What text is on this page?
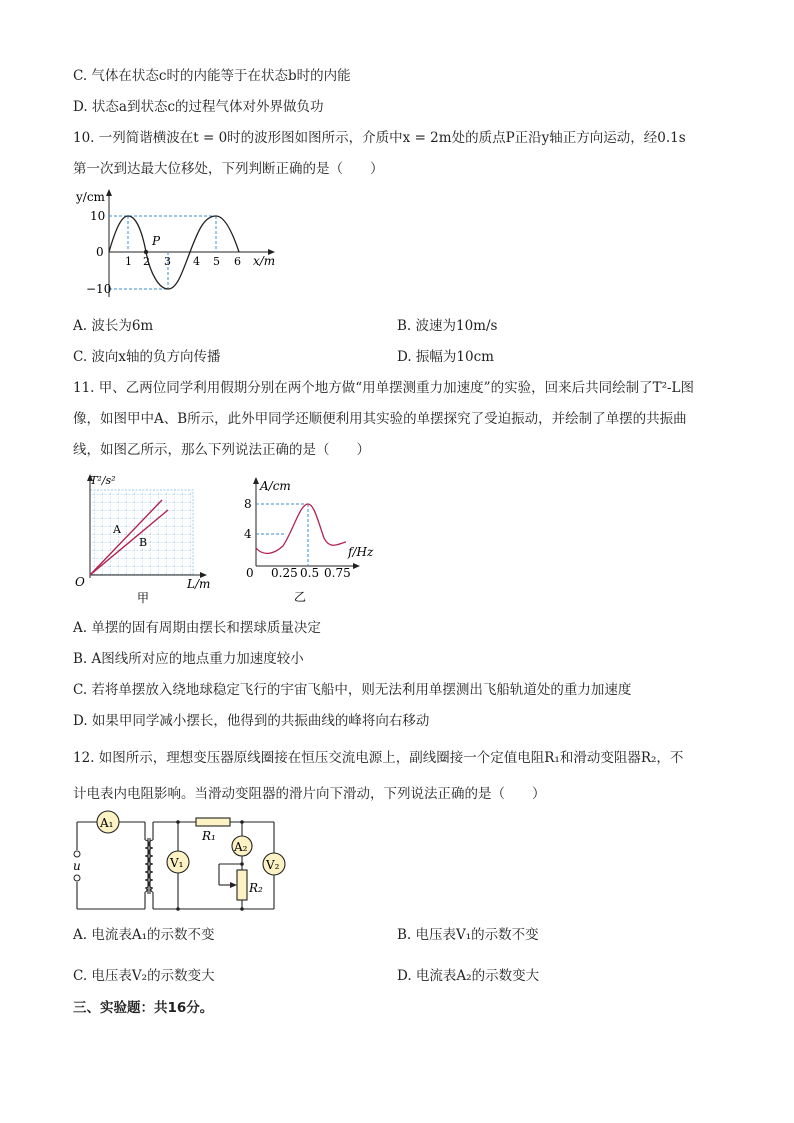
C. 气体在状态c时的内能等于在状态b时的内能
D. 状态a到状态c的过程气体对外界做负功
10. 一列简谐横波在t = 0时的波形图如图所示，介质中x = 2m处的质点P正沿y轴正方向运动，经0.1s
第一次到达最大位移处，下列判断正确的是（　　）
y/cm
10
0
−10
1 2 3 4 5 6 x/m
P
A. 波长为6m	B. 波速为10m/s
C. 波向x轴的负方向传播	D. 振幅为10cm
11. 甲、乙两位同学利用假期分别在两个地方做“用单摆测重力加速度”的实验，回来后共同绘制了T²-L图
像，如图甲中A、B所示，此外甲同学还顺便利用其实验的单摆探究了受迫振动，并绘制了单摆的共振曲
线，如图乙所示，那么下列说法正确的是（　　）
T²/s²
O	L/m
A
B
甲
A/cm
8
4
0 0.25 0.5 0.75
f/Hz
乙
A. 单摆的固有周期由摆长和摆球质量决定
B. A图线所对应的地点重力加速度较小
C. 若将单摆放入绕地球稳定飞行的宇宙飞船中，则无法利用单摆测出飞船轨道处的重力加速度
D. 如果甲同学减小摆长，他得到的共振曲线的峰将向右移动
12. 如图所示，理想变压器原线圈接在恒压交流电源上，副线圈接一个定值电阻R₁和滑动变阻器R₂，不
计电表内电阻影响。当滑动变阻器的滑片向下滑动，下列说法正确的是（　　）
A₁
V₁
A₂
V₂
R₁
R₂
u
A. 电流表A₁的示数不变	B. 电压表V₁的示数不变
C. 电压表V₂的示数变大	D. 电流表A₂的示数变大
三、实验题：共16分。
